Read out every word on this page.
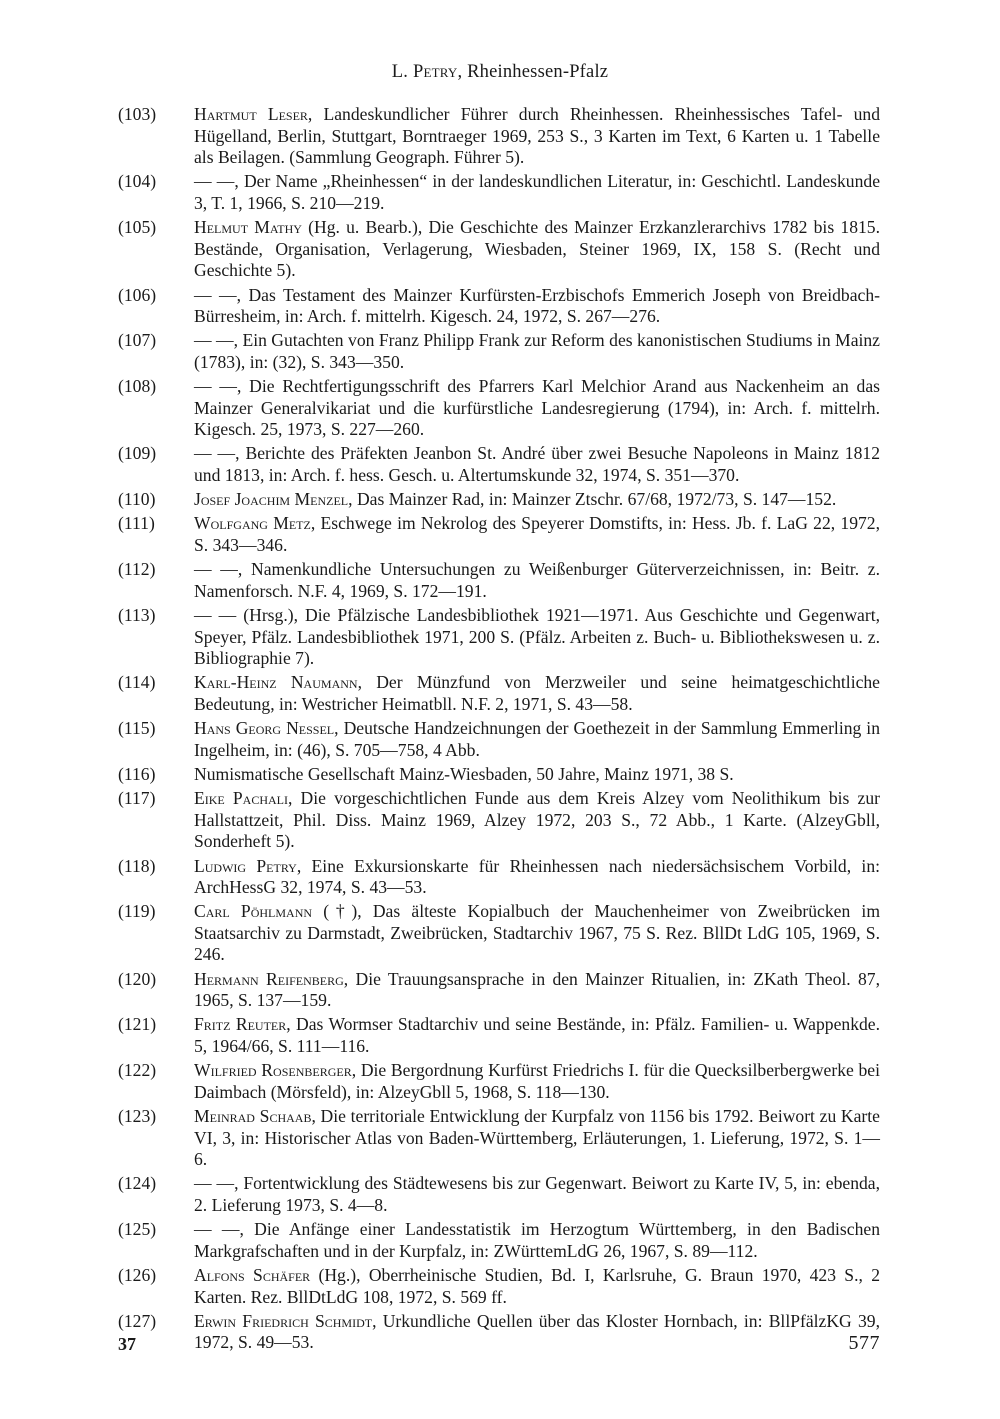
L. Petry, Rheinhessen-Pfalz
(103)	Hartmut Leser, Landeskundlicher Führer durch Rheinhessen. Rheinhessisches Tafel- und Hügelland, Berlin, Stuttgart, Borntraeger 1969, 253 S., 3 Karten im Text, 6 Karten u. 1 Tabelle als Beilagen. (Sammlung Geograph. Führer 5).
(104)	— —, Der Name „Rheinhessen“ in der landeskundlichen Literatur, in: Geschichtl. Landeskunde 3, T. 1, 1966, S. 210—219.
(105)	Helmut Mathy (Hg. u. Bearb.), Die Geschichte des Mainzer Erzkanzlerarchivs 1782 bis 1815. Bestände, Organisation, Verlagerung, Wiesbaden, Steiner 1969, IX, 158 S. (Recht und Geschichte 5).
(106)	— —, Das Testament des Mainzer Kurfürsten-Erzbischofs Emmerich Joseph von Breidbach-Bürresheim, in: Arch. f. mittelrh. Kigesch. 24, 1972, S. 267—276.
(107)	— —, Ein Gutachten von Franz Philipp Frank zur Reform des kanonistischen Studiums in Mainz (1783), in: (32), S. 343—350.
(108)	— —, Die Rechtfertigungsschrift des Pfarrers Karl Melchior Arand aus Nackenheim an das Mainzer Generalvikariat und die kurfürstliche Landesregierung (1794), in: Arch. f. mittelrh. Kigesch. 25, 1973, S. 227—260.
(109)	— —, Berichte des Präfekten Jeanbon St. André über zwei Besuche Napoleons in Mainz 1812 und 1813, in: Arch. f. hess. Gesch. u. Altertumskunde 32, 1974, S. 351—370.
(110)	Josef Joachim Menzel, Das Mainzer Rad, in: Mainzer Ztschr. 67/68, 1972/73, S. 147—152.
(111)	Wolfgang Metz, Eschwege im Nekrolog des Speyerer Domstifts, in: Hess. Jb. f. LaG 22, 1972, S. 343—346.
(112)	— —, Namenkundliche Untersuchungen zu Weißenburger Güterverzeichnissen, in: Beitr. z. Namenforsch. N.F. 4, 1969, S. 172—191.
(113)	— — (Hrsg.), Die Pfälzische Landesbibliothek 1921—1971. Aus Geschichte und Gegenwart, Speyer, Pfälz. Landesbibliothek 1971, 200 S. (Pfälz. Arbeiten z. Buch- u. Bibliothekswesen u. z. Bibliographie 7).
(114)	Karl-Heinz Naumann, Der Münzfund von Merzweiler und seine heimatgeschichtliche Bedeutung, in: Westricher Heimatbll. N.F. 2, 1971, S. 43—58.
(115)	Hans Georg Nessel, Deutsche Handzeichnungen der Goethezeit in der Sammlung Emmerling in Ingelheim, in: (46), S. 705—758, 4 Abb.
(116)	Numismatische Gesellschaft Mainz-Wiesbaden, 50 Jahre, Mainz 1971, 38 S.
(117)	Eike Pachali, Die vorgeschichtlichen Funde aus dem Kreis Alzey vom Neolithikum bis zur Hallstattzeit, Phil. Diss. Mainz 1969, Alzey 1972, 203 S., 72 Abb., 1 Karte. (AlzeyGbll, Sonderheft 5).
(118)	Ludwig Petry, Eine Exkursionskarte für Rheinhessen nach niedersächsischem Vorbild, in: ArchHessG 32, 1974, S. 43—53.
(119)	Carl Pöhlmann (†), Das älteste Kopialbuch der Mauchenheimer von Zweibrücken im Staatsarchiv zu Darmstadt, Zweibrücken, Stadtarchiv 1967, 75 S. Rez. BllDt LdG 105, 1969, S. 246.
(120)	Hermann Reifenberg, Die Trauungsansprache in den Mainzer Ritualien, in: ZKath Theol. 87, 1965, S. 137—159.
(121)	Fritz Reuter, Das Wormser Stadtarchiv und seine Bestände, in: Pfälz. Familien- u. Wappenkde. 5, 1964/66, S. 111—116.
(122)	Wilfried Rosenberger, Die Bergordnung Kurfürst Friedrichs I. für die Quecksilberbergwerke bei Daimbach (Mörsfeld), in: AlzeyGbll 5, 1968, S. 118—130.
(123)	Meinrad Schaab, Die territoriale Entwicklung der Kurpfalz von 1156 bis 1792. Beiwort zu Karte VI, 3, in: Historischer Atlas von Baden-Württemberg, Erläuterungen, 1. Lieferung, 1972, S. 1—6.
(124)	— —, Fortentwicklung des Städtewesens bis zur Gegenwart. Beiwort zu Karte IV, 5, in: ebenda, 2. Lieferung 1973, S. 4—8.
(125)	— —, Die Anfänge einer Landesstatistik im Herzogtum Württemberg, in den Badischen Markgrafschaften und in der Kurpfalz, in: ZWürttemLdG 26, 1967, S. 89—112.
(126)	Alfons Schäfer (Hg.), Oberrheinische Studien, Bd. I, Karlsruhe, G. Braun 1970, 423 S., 2 Karten. Rez. BllDtLdG 108, 1972, S. 569 ff.
(127)	Erwin Friedrich Schmidt, Urkundliche Quellen über das Kloster Hornbach, in: BllPfälzKG 39, 1972, S. 49—53.
37	577
